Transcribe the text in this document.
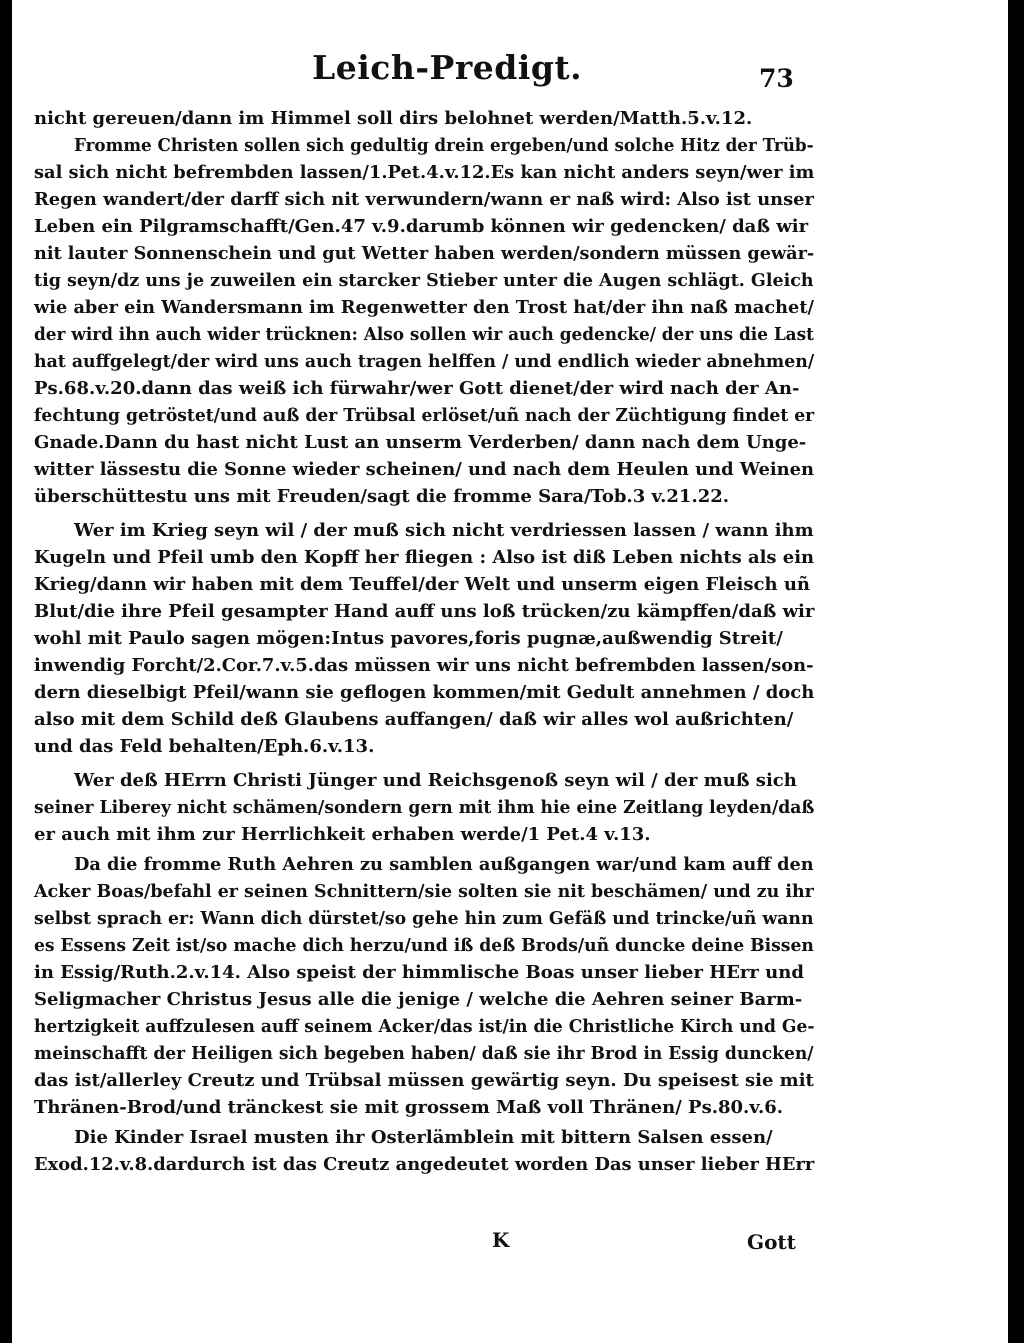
Leich-Predigt.	73
nicht gereuen/dann im Himmel soll dirs belohnet werden/Matth.5.v.12.
Fromme Christen sollen sich gedultig drein ergeben/und solche Hitz der Trüb-
sal sich nicht befrembden lassen/1.Pet.4.v.12.Es kan nicht anders seyn/wer im
Regen wandert/der darff sich nit verwundern/wann er naß wird: Also ist unser
Leben ein Pilgramschafft/Gen.47 v.9.darumb können wir gedencken/ daß wir
nit lauter Sonnenschein und gut Wetter haben werden/sondern müssen gewär-
tig seyn/dz uns je zuweilen ein starcker Stieber unter die Augen schlägt. Gleich
wie aber ein Wandersmann im Regenwetter den Trost hat/der ihn naß machet/
der wird ihn auch wider trücknen: Also sollen wir auch gedencke/ der uns die Last
hat auffgelegt/der wird uns auch tragen helffen / und endlich wieder abnehmen/
Ps.68.v.20.dann das weiß ich fürwahr/wer Gott dienet/der wird nach der An-
fechtung getröstet/und auß der Trübsal erlöset/uñ nach der Züchtigung findet er
Gnade.Dann du hast nicht Lust an unserm Verderben/ dann nach dem Unge-
witter lässestu die Sonne wieder scheinen/ und nach dem Heulen und Weinen
überschüttestu uns mit Freuden/sagt die fromme Sara/Tob.3 v.21.22.
Wer im Krieg seyn wil / der muß sich nicht verdriessen lassen / wann ihm
Kugeln und Pfeil umb den Kopff her fliegen : Also ist diß Leben nichts als ein
Krieg/dann wir haben mit dem Teuffel/der Welt und unserm eigen Fleisch uñ
Blut/die ihre Pfeil gesampter Hand auff uns loß trücken/zu kämpffen/daß wir
wohl mit Paulo sagen mögen:Intus pavores,foris pugnæ,außwendig Streit/
inwendig Forcht/2.Cor.7.v.5.das müssen wir uns nicht befrembden lassen/son-
dern dieselbigt Pfeil/wann sie geflogen kommen/mit Gedult annehmen / doch
also mit dem Schild deß Glaubens auffangen/ daß wir alles wol außrichten/
und das Feld behalten/Eph.6.v.13.
Wer deß HErrn Christi Jünger und Reichsgenoß seyn wil / der muß sich
seiner Liberey nicht schämen/sondern gern mit ihm hie eine Zeitlang leyden/daß
er auch mit ihm zur Herrlichkeit erhaben werde/1 Pet.4 v.13.
Da die fromme Ruth Aehren zu samblen außgangen war/und kam auff den
Acker Boas/befahl er seinen Schnittern/sie solten sie nit beschämen/ und zu ihr
selbst sprach er: Wann dich dürstet/so gehe hin zum Gefäß und trincke/uñ wann
es Essens Zeit ist/so mache dich herzu/und iß deß Brods/uñ duncke deine Bissen
in Essig/Ruth.2.v.14. Also speist der himmlische Boas unser lieber HErr und
Seligmacher Christus Jesus alle die jenige / welche die Aehren seiner Barm-
hertzigkeit auffzulesen auff seinem Acker/das ist/in die Christliche Kirch und Ge-
meinschafft der Heiligen sich begeben haben/ daß sie ihr Brod in Essig duncken/
das ist/allerley Creutz und Trübsal müssen gewärtig seyn. Du speisest sie mit
Thränen-Brod/und tränckest sie mit grossem Maß voll Thränen/ Ps.80.v.6.
Die Kinder Israel musten ihr Osterlämblein mit bittern Salsen essen/
Exod.12.v.8.dardurch ist das Creutz angedeutet worden Das unser lieber HErr
K	Gott
